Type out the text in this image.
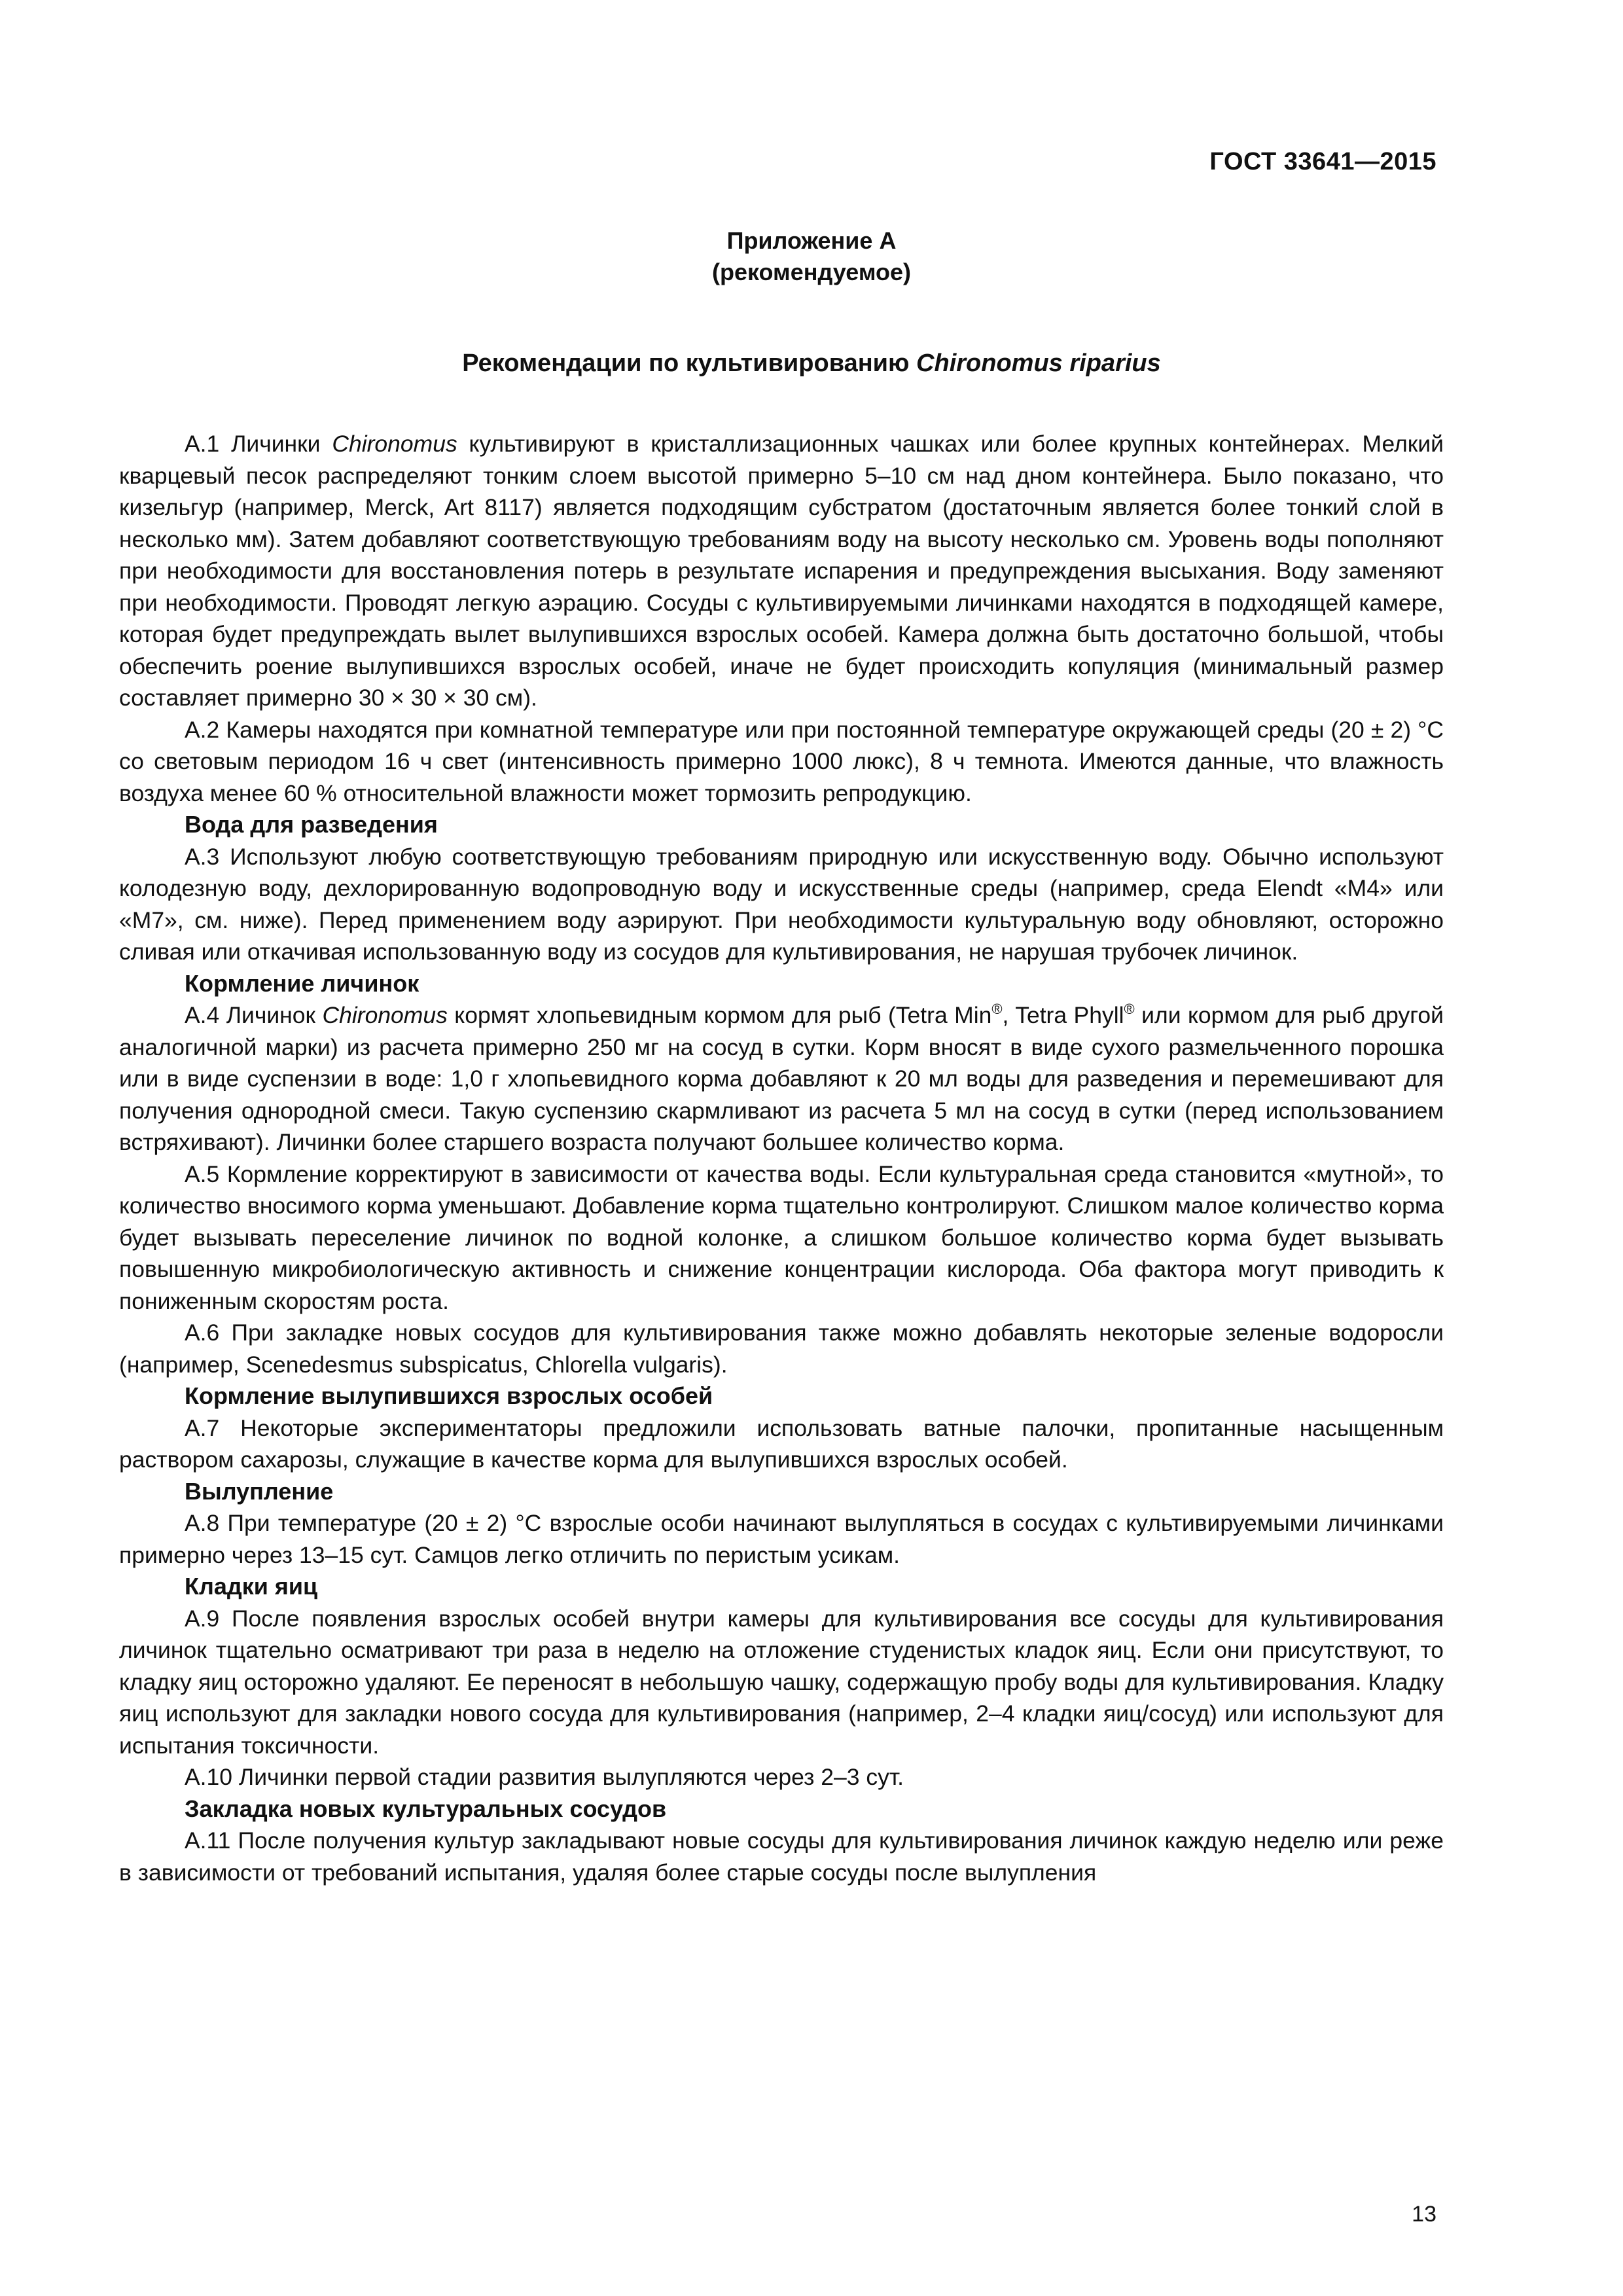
ГОСТ 33641—2015
Приложение А
(рекомендуемое)
Рекомендации по культивированию Chironomus riparius

А.1 Личинки Chironomus культивируют в кристаллизационных чашках или более крупных контейнерах. Мелкий кварцевый песок распределяют тонким слоем высотой примерно 5–10 см над дном контейнера. Было показано, что кизельгур (например, Merck, Art 8117) является подходящим субстратом (достаточным является более тонкий слой в несколько мм). Затем добавляют соответствующую требованиям воду на высоту несколько см. Уровень воды пополняют при необходимости для восстановления потерь в результате испарения и предупреждения высыхания. Воду заменяют при необходимости. Проводят легкую аэрацию. Сосуды с культивируемыми личинками находятся в подходящей камере, которая будет предупреждать вылет вылупившихся взрослых особей. Камера должна быть достаточно большой, чтобы обеспечить роение вылупившихся взрослых особей, иначе не будет происходить копуляция (минимальный размер составляет примерно 30 × 30 × 30 см).

А.2 Камеры находятся при комнатной температуре или при постоянной температуре окружающей среды (20 ± 2) °C со световым периодом 16 ч свет (интенсивность примерно 1000 люкс), 8 ч темнота. Имеются данные, что влажность воздуха менее 60 % относительной влажности может тормозить репродукцию.

Вода для разведения

А.3 Используют любую соответствующую требованиям природную или искусственную воду. Обычно используют колодезную воду, дехлорированную водопроводную воду и искусственные среды (например, среда Elendt «M4» или «M7», см. ниже). Перед применением воду аэрируют. При необходимости культуральную воду обновляют, осторожно сливая или откачивая использованную воду из сосудов для культивирования, не нарушая трубочек личинок.

Кормление личинок

А.4 Личинок Chironomus кормят хлопьевидным кормом для рыб (Tetra Min®, Tetra Phyll® или кормом для рыб другой аналогичной марки) из расчета примерно 250 мг на сосуд в сутки. Корм вносят в виде сухого размельченного порошка или в виде суспензии в воде: 1,0 г хлопьевидного корма добавляют к 20 мл воды для разведения и перемешивают для получения однородной смеси. Такую суспензию скармливают из расчета 5 мл на сосуд в сутки (перед использованием встряхивают). Личинки более старшего возраста получают большее количество корма.

А.5 Кормление корректируют в зависимости от качества воды. Если культуральная среда становится «мутной», то количество вносимого корма уменьшают. Добавление корма тщательно контролируют. Слишком малое количество корма будет вызывать переселение личинок по водной колонке, а слишком большое количество корма будет вызывать повышенную микробиологическую активность и снижение концентрации кислорода. Оба фактора могут приводить к пониженным скоростям роста.

А.6 При закладке новых сосудов для культивирования также можно добавлять некоторые зеленые водоросли (например, Scenedesmus subspicatus, Chlorella vulgaris).

Кормление вылупившихся взрослых особей

А.7 Некоторые экспериментаторы предложили использовать ватные палочки, пропитанные насыщенным раствором сахарозы, служащие в качестве корма для вылупившихся взрослых особей.

Вылупление

А.8 При температуре (20 ± 2) °C взрослые особи начинают вылупляться в сосудах с культивируемыми личинками примерно через 13–15 сут. Самцов легко отличить по перистым усикам.

Кладки яиц

А.9 После появления взрослых особей внутри камеры для культивирования все сосуды для культивирования личинок тщательно осматривают три раза в неделю на отложение студенистых кладок яиц. Если они присутствуют, то кладку яиц осторожно удаляют. Ее переносят в небольшую чашку, содержащую пробу воды для культивирования. Кладку яиц используют для закладки нового сосуда для культивирования (например, 2–4 кладки яиц/сосуд) или используют для испытания токсичности.

А.10 Личинки первой стадии развития вылупляются через 2–3 сут.

Закладка новых культуральных сосудов

А.11 После получения культур закладывают новые сосуды для культивирования личинок каждую неделю или реже в зависимости от требований испытания, удаляя более старые сосуды после вылупления

13
